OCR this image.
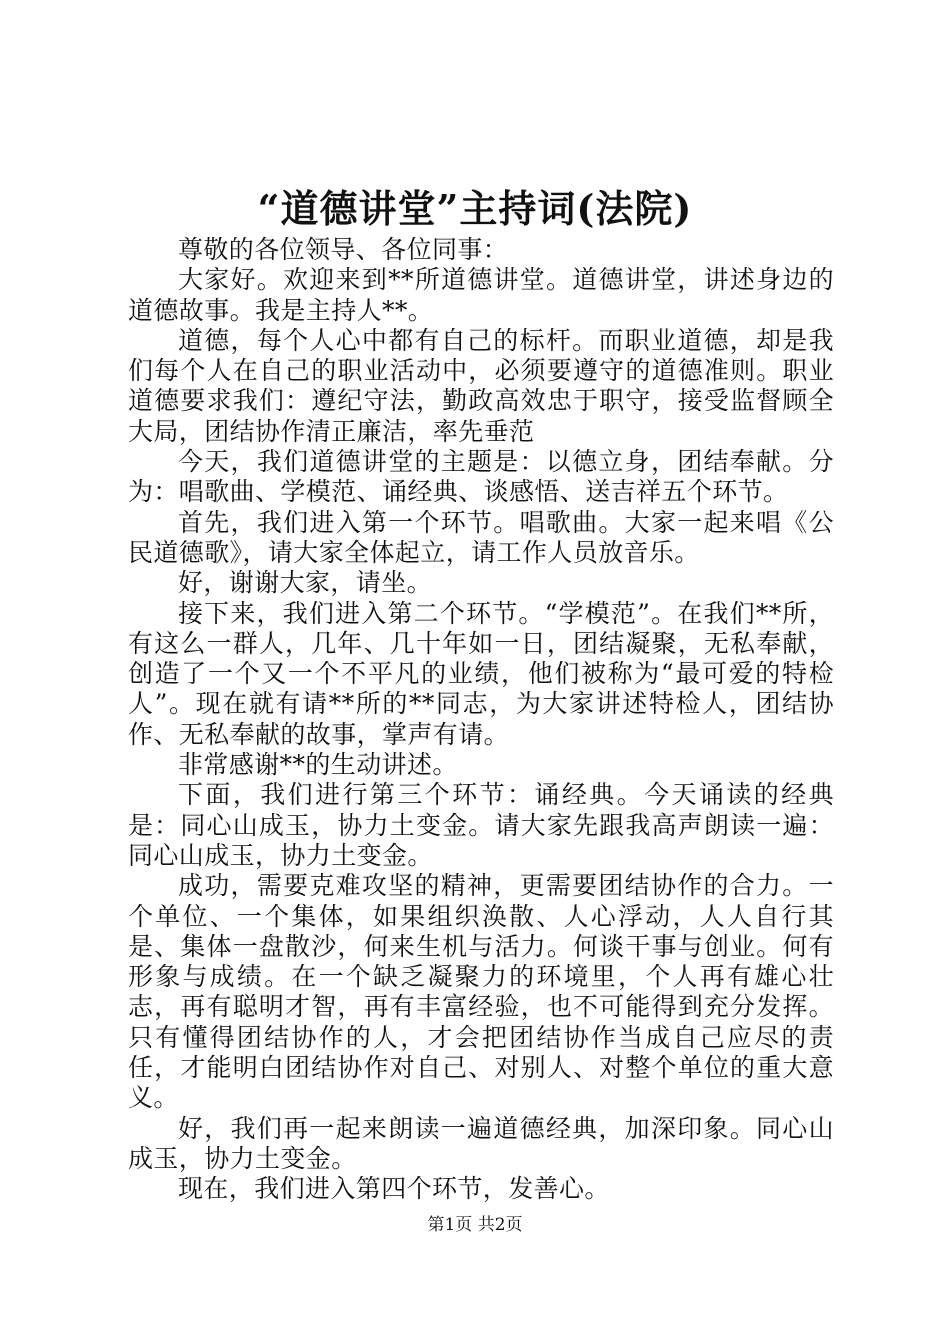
“道德讲堂”主持词(法院)

尊敬的各位领导、各位同事：

大家好。欢迎来到**所道德讲堂。道德讲堂，讲述身边的道德故事。我是主持人**。

道德，每个人心中都有自己的标杆。而职业道德，却是我们每个人在自己的职业活动中，必须要遵守的道德准则。职业道德要求我们：遵纪守法，勤政高效忠于职守，接受监督顾全大局，团结协作清正廉洁，率先垂范

今天，我们道德讲堂的主题是：以德立身，团结奉献。分为：唱歌曲、学模范、诵经典、谈感悟、送吉祥五个环节。

首先，我们进入第一个环节。唱歌曲。大家一起来唱《公民道德歌》，请大家全体起立，请工作人员放音乐。

好，谢谢大家，请坐。

接下来，我们进入第二个环节。“学模范”。在我们**所，有这么一群人，几年、几十年如一日，团结凝聚，无私奉献，创造了一个又一个不平凡的业绩，他们被称为“最可爱的特检人”。现在就有请**所的**同志，为大家讲述特检人，团结协作、无私奉献的故事，掌声有请。

非常感谢**的生动讲述。

下面，我们进行第三个环节：诵经典。今天诵读的经典是：同心山成玉，协力土变金。请大家先跟我高声朗读一遍：同心山成玉，协力土变金。

成功，需要克难攻坚的精神，更需要团结协作的合力。一个单位、一个集体，如果组织涣散、人心浮动，人人自行其是、集体一盘散沙，何来生机与活力。何谈干事与创业。何有形象与成绩。在一个缺乏凝聚力的环境里，个人再有雄心壮志，再有聪明才智，再有丰富经验，也不可能得到充分发挥。只有懂得团结协作的人，才会把团结协作当成自己应尽的责任，才能明白团结协作对自己、对别人、对整个单位的重大意义。

好，我们再一起来朗读一遍道德经典，加深印象。同心山成玉，协力土变金。

现在，我们进入第四个环节，发善心。

第1页 共2页
